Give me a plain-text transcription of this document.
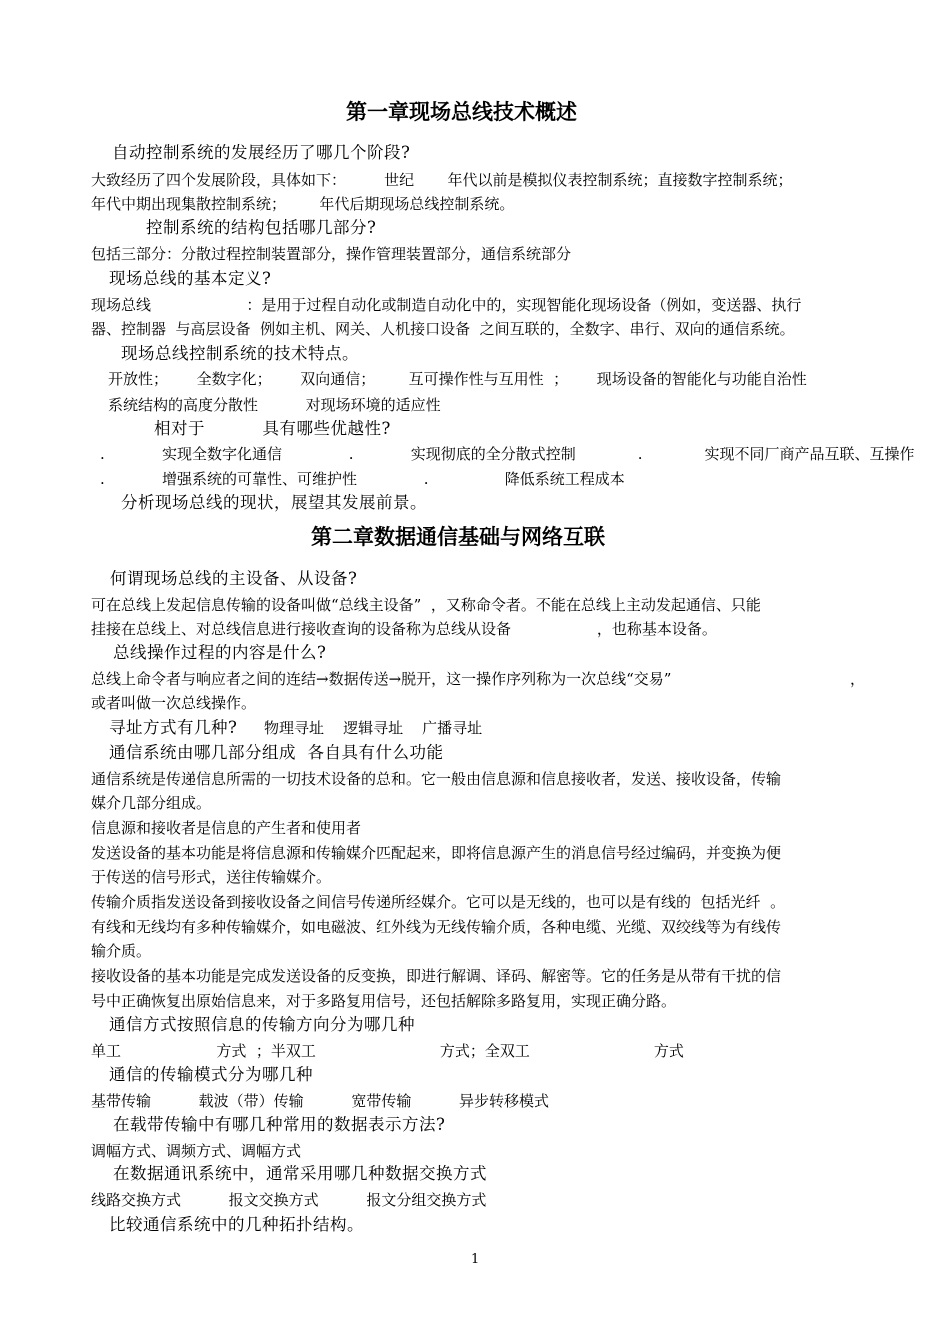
第一章现场总线技术概述
自动控制系统的发展经历了哪几个阶段?
大致经历了四个发展阶段，具体如下：        世纪       年代以前是模拟仪表控制系统；直接数字控制系统；
年代中期出现集散控制系统；       年代后期现场总线控制系统。
控制系统的结构包括哪几部分?
包括三部分：分散过程控制装置部分，操作管理装置部分，通信系统部分
现场总线的基本定义?
现场总线                    ：是用于过程自动化或制造自动化中的，实现智能化现场设备（例如，变送器、执行
器、控制器  与高层设备  例如主机、网关、人机接口设备  之间互联的，全数字、串行、双向的通信系统。
现场总线控制系统的技术特点。
开放性；      全数字化；      双向通信；       互可操作性与互用性  ；      现场设备的智能化与功能自治性
系统结构的高度分散性          对现场环境的适应性
相对于          具有哪些优越性?
.            实现全数字化通信              .            实现彻底的全分散式控制             .             实现不同厂商产品互联、互操作
.            增强系统的可靠性、可维护性              .                降低系统工程成本
分析现场总线的现状，展望其发展前景。
第二章数据通信基础与网络互联
何谓现场总线的主设备、从设备?
可在总线上发起信息传输的设备叫做“总线主设备”  ，又称命令者。不能在总线上主动发起通信、只能
挂接在总线上、对总线信息进行接收查询的设备称为总线从设备                  ，也称基本设备。
总线操作过程的内容是什么?
总线上命令者与响应者之间的连结→数据传送→脱开，这一操作序列称为一次总线“交易”	，
或者叫做一次总线操作。
寻址方式有几种? 物理寻址    逻辑寻址    广播寻址
通信系统由哪几部分组成  各自具有什么功能
通信系统是传递信息所需的一切技术设备的总和。它一般由信息源和信息接收者，发送、接收设备，传输
媒介几部分组成。
信息源和接收者是信息的产生者和使用者
发送设备的基本功能是将信息源和传输媒介匹配起来，即将信息源产生的消息信号经过编码，并变换为便
于传送的信号形式，送往传输媒介。
传输介质指发送设备到接收设备之间信号传递所经媒介。它可以是无线的，也可以是有线的  包括光纤  。
有线和无线均有多种传输媒介，如电磁波、红外线为无线传输介质，各种电缆、光缆、双绞线等为有线传
输介质。
接收设备的基本功能是完成发送设备的反变换，即进行解调、译码、解密等。它的任务是从带有干扰的信
号中正确恢复出原始信息来，对于多路复用信号，还包括解除多路复用，实现正确分路。
通信方式按照信息的传输方向分为哪几种
单工                    方式  ；半双工                          方式；全双工                          方式
通信的传输模式分为哪几种
基带传输          载波（带）传输          宽带传输          异步转移模式
在载带传输中有哪几种常用的数据表示方法?
调幅方式、调频方式、调幅方式
在数据通讯系统中，通常采用哪几种数据交换方式
线路交换方式          报文交换方式          报文分组交换方式
比较通信系统中的几种拓扑结构。
1
